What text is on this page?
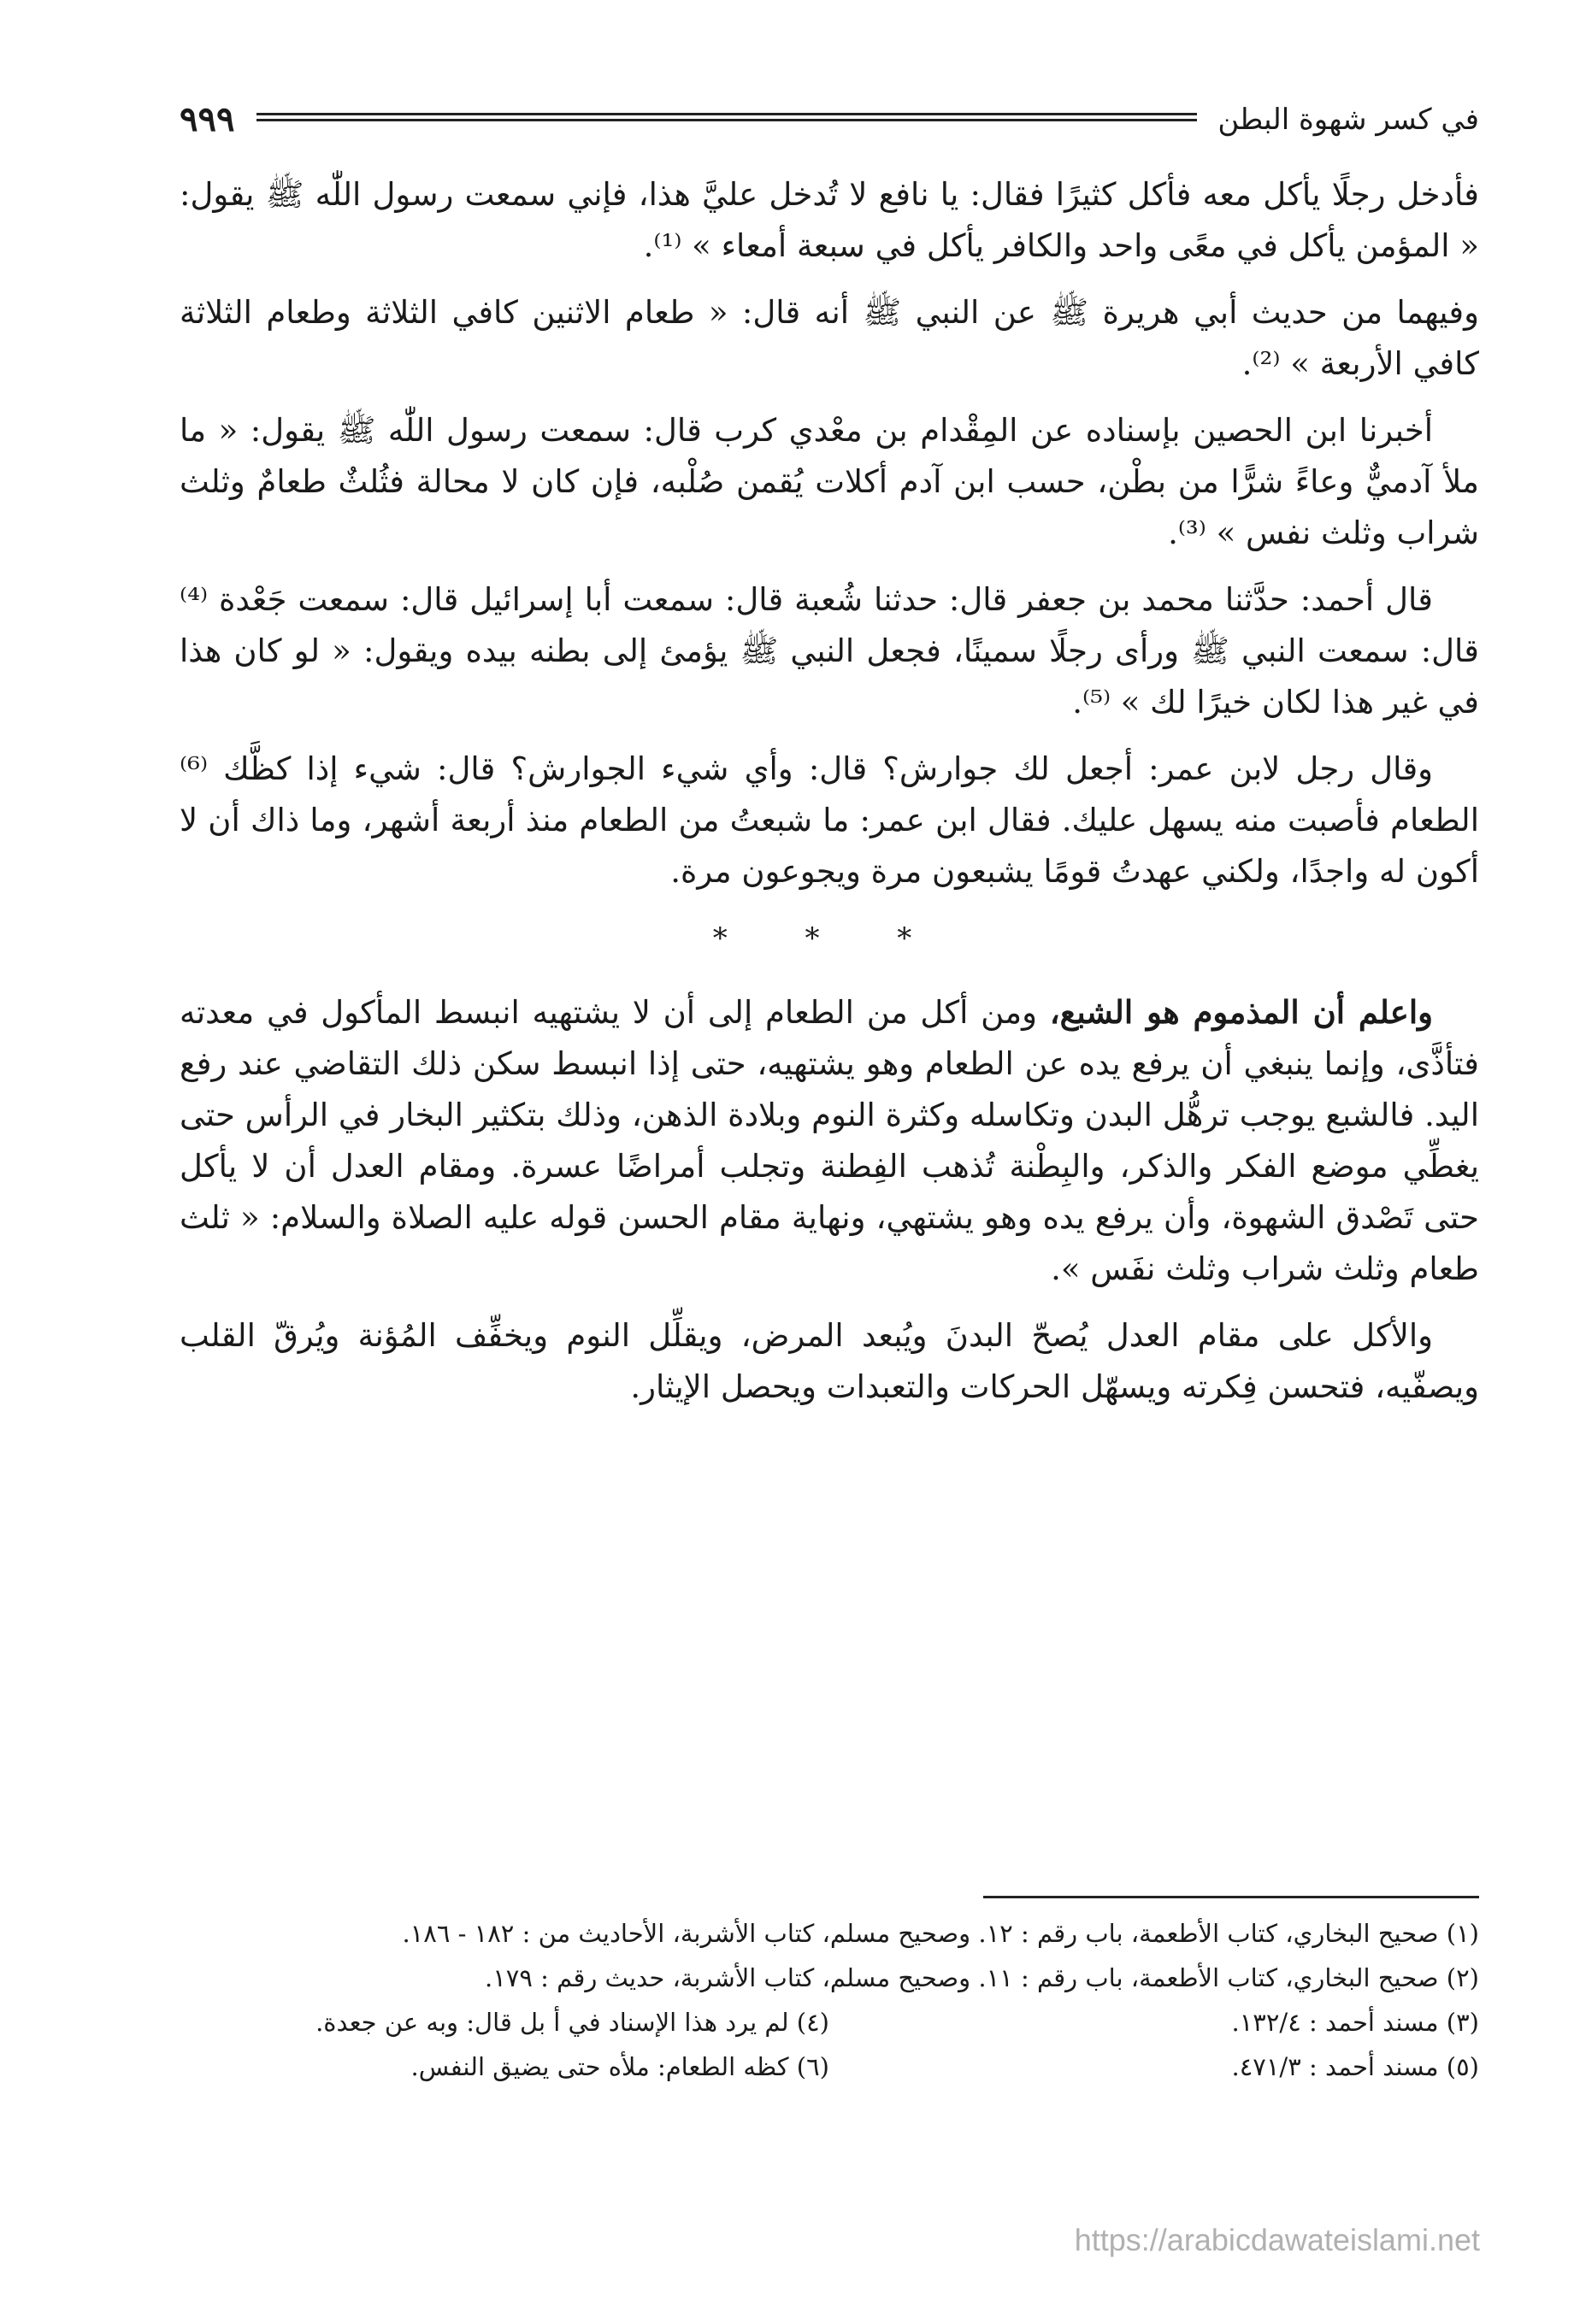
في كسر شهوة البطن
٩٩٩

فأدخل رجلًا يأكل معه فأكل كثيرًا فقال: يا نافع لا تُدخل عليَّ هذا، فإني سمعت رسول اللّٰه ﷺ يقول: « المؤمن يأكل في معًى واحد والكافر يأكل في سبعة أمعاء » ⁽¹⁾.

وفيهما من حديث أبي هريرة ﷺ عن النبي ﷺ أنه قال: « طعام الاثنين كافي الثلاثة وطعام الثلاثة كافي الأربعة » ⁽²⁾.

أخبرنا ابن الحصين بإسناده عن المِقْدام بن معْدي كرب قال: سمعت رسول اللّٰه ﷺ يقول: « ما ملأ آدميٌّ وعاءً شرًّا من بطْن، حسب ابن آدم أكلات يُقمن صُلْبه، فإن كان لا محالة فثُلثٌ طعامٌ وثلث شراب وثلث نفس » ⁽³⁾.

قال أحمد: حدَّثنا محمد بن جعفر قال: حدثنا شُعبة قال: سمعت أبا إسرائيل قال: سمعت جَعْدة ⁽⁴⁾ قال: سمعت النبي ﷺ ورأى رجلًا سمينًا، فجعل النبي ﷺ يؤمئ إلى بطنه بيده ويقول: « لو كان هذا في غير هذا لكان خيرًا لك » ⁽⁵⁾.

وقال رجل لابن عمر: أجعل لك جوارش؟ قال: وأي شيء الجوارش؟ قال: شيء إذا كظَّك ⁽⁶⁾ الطعام فأصبت منه يسهل عليك. فقال ابن عمر: ما شبعتُ من الطعام منذ أربعة أشهر، وما ذاك أن لا أكون له واجدًا، ولكني عهدتُ قومًا يشبعون مرة ويجوعون مرة.

* * *

واعلم أن المذموم هو الشبع، ومن أكل من الطعام إلى أن لا يشتهيه انبسط المأكول في معدته فتأذَّى، وإنما ينبغي أن يرفع يده عن الطعام وهو يشتهيه، حتى إذا انبسط سكن ذلك التقاضي عند رفع اليد. فالشبع يوجب ترهُّل البدن وتكاسله وكثرة النوم وبلادة الذهن، وذلك بتكثير البخار في الرأس حتى يغطِّي موضع الفكر والذكر، والبِطْنة تُذهب الفِطنة وتجلب أمراضًا عسرة. ومقام العدل أن لا يأكل حتى تَصْدق الشهوة، وأن يرفع يده وهو يشتهي، ونهاية مقام الحسن قوله عليه الصلاة والسلام: « ثلث طعام وثلث شراب وثلث نفَس ».

والأكل على مقام العدل يُصحّ البدنَ ويُبعد المرض، ويقلِّل النوم ويخفِّف المُؤنة ويُرقّ القلب ويصفّيه، فتحسن فِكرته ويسهّل الحركات والتعبدات ويحصل الإيثار.

(١) صحيح البخاري، كتاب الأطعمة، باب رقم : ١٢. وصحيح مسلم، كتاب الأشربة، الأحاديث من : ١٨٢ - ١٨٦.

(٢) صحيح البخاري، كتاب الأطعمة، باب رقم : ١١. وصحيح مسلم، كتاب الأشربة، حديث رقم : ١٧٩.

(٣) مسند أحمد : ١٣٢/٤.
(٤) لم يرد هذا الإسناد في أ بل قال: وبه عن جعدة.
(٥) مسند أحمد : ٤٧١/٣.
(٦) كظه الطعام: ملأه حتى يضيق النفس.
https://arabicdawateislami.net
